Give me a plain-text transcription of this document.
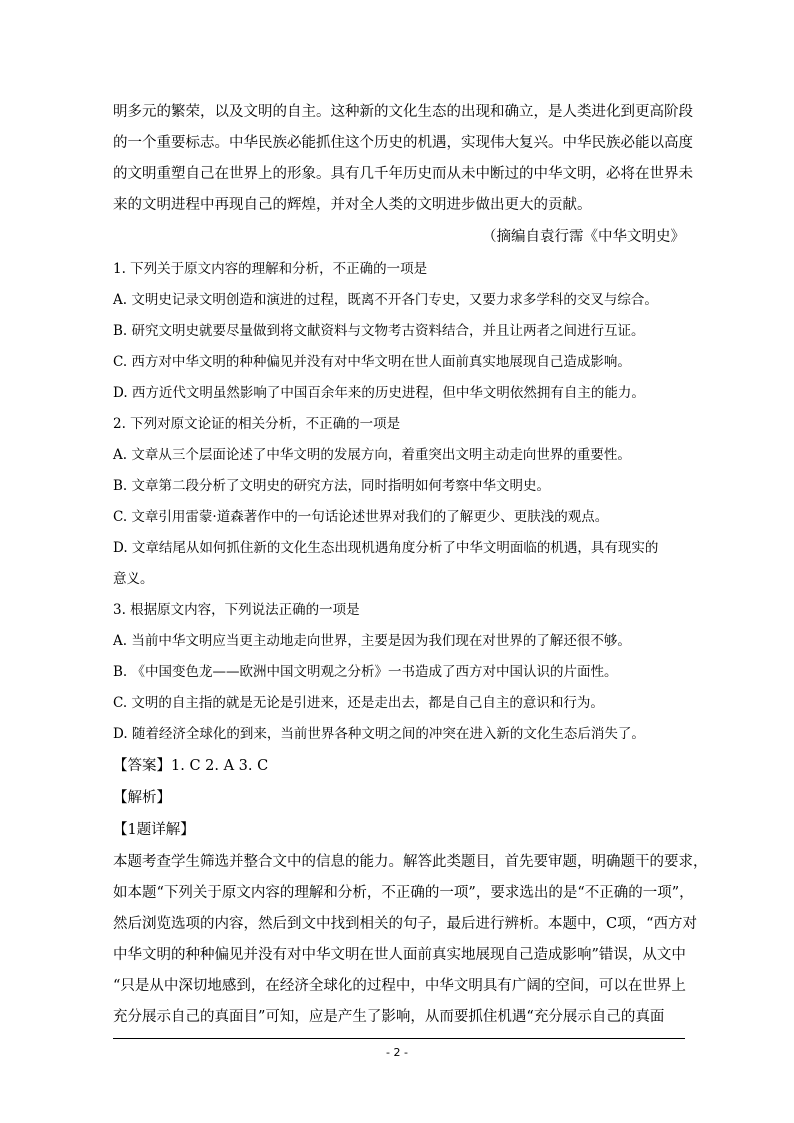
明多元的繁荣，以及文明的自主。这种新的文化生态的出现和确立，是人类进化到更高阶段
的一个重要标志。中华民族必能抓住这个历史的机遇，实现伟大复兴。中华民族必能以高度
的文明重塑自己在世界上的形象。具有几千年历史而从未中断过的中华文明，必将在世界未
来的文明进程中再现自己的辉煌，并对全人类的文明进步做出更大的贡献。
（摘编自袁行霈《中华文明史》
1. 下列关于原文内容的理解和分析，不正确的一项是
A. 文明史记录文明创造和演进的过程，既离不开各门专史，又要力求多学科的交叉与综合。
B. 研究文明史就要尽量做到将文献资料与文物考古资料结合，并且让两者之间进行互证。
C. 西方对中华文明的种种偏见并没有对中华文明在世人面前真实地展现自己造成影响。
D. 西方近代文明虽然影响了中国百余年来的历史进程，但中华文明依然拥有自主的能力。
2. 下列对原文论证的相关分析，不正确的一项是
A. 文章从三个层面论述了中华文明的发展方向，着重突出文明主动走向世界的重要性。
B. 文章第二段分析了文明史的研究方法，同时指明如何考察中华文明史。
C. 文章引用雷蒙·道森著作中的一句话论述世界对我们的了解更少、更肤浅的观点。
D. 文章结尾从如何抓住新的文化生态出现机遇角度分析了中华文明面临的机遇，具有现实的
意义。
3. 根据原文内容，下列说法正确的一项是
A. 当前中华文明应当更主动地走向世界，主要是因为我们现在对世界的了解还很不够。
B. 《中国变色龙——欧洲中国文明观之分析》一书造成了西方对中国认识的片面性。
C. 文明的自主指的就是无论是引进来，还是走出去，都是自己自主的意识和行为。
D. 随着经济全球化的到来，当前世界各种文明之间的冲突在进入新的文化生态后消失了。
【答案】1. C 2. A 3. C
【解析】
【1题详解】
本题考查学生筛选并整合文中的信息的能力。解答此类题目，首先要审题，明确题干的要求，
如本题“下列关于原文内容的理解和分析，不正确的一项”，要求选出的是“不正确的一项”，
然后浏览选项的内容，然后到文中找到相关的句子，最后进行辨析。本题中，C项，“西方对
中华文明的种种偏见并没有对中华文明在世人面前真实地展现自己造成影响”错误，从文中
“只是从中深切地感到，在经济全球化的过程中，中华文明具有广阔的空间，可以在世界上
充分展示自己的真面目”可知，应是产生了影响，从而要抓住机遇“充分展示自己的真面
- 2 -
